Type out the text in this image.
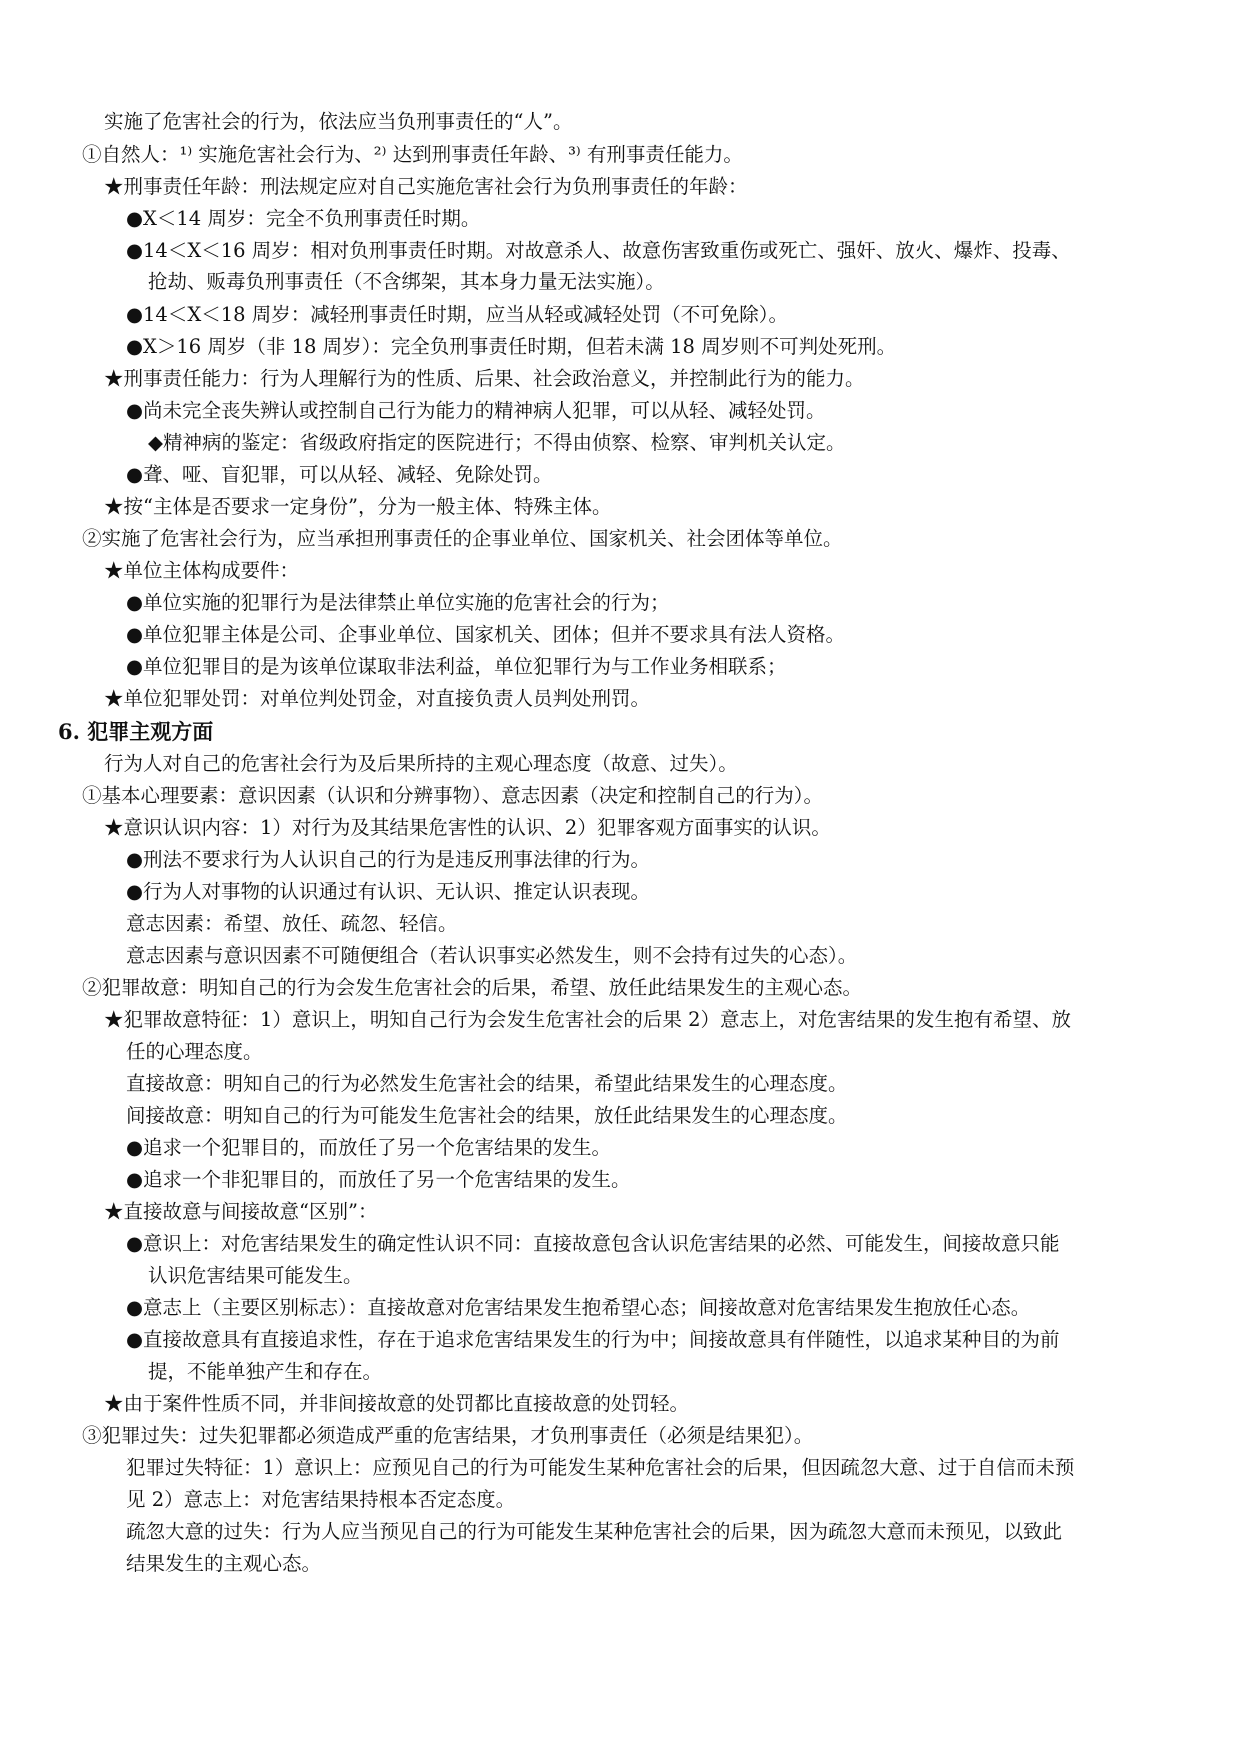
实施了危害社会的行为，依法应当负刑事责任的“人”。
①自然人：¹⁾ 实施危害社会行为、²⁾ 达到刑事责任年龄、³⁾ 有刑事责任能力。
★刑事责任年龄：刑法规定应对自己实施危害社会行为负刑事责任的年龄：
●X＜14 周岁：完全不负刑事责任时期。
●14＜X＜16 周岁：相对负刑事责任时期。对故意杀人、故意伤害致重伤或死亡、强奸、放火、爆炸、投毒、
抢劫、贩毒负刑事责任（不含绑架，其本身力量无法实施）。
●14＜X＜18 周岁：减轻刑事责任时期，应当从轻或减轻处罚（不可免除）。
●X＞16 周岁（非 18 周岁）：完全负刑事责任时期，但若未满 18 周岁则不可判处死刑。
★刑事责任能力：行为人理解行为的性质、后果、社会政治意义，并控制此行为的能力。
●尚未完全丧失辨认或控制自己行为能力的精神病人犯罪，可以从轻、减轻处罚。
◆精神病的鉴定：省级政府指定的医院进行；不得由侦察、检察、审判机关认定。
●聋、哑、盲犯罪，可以从轻、减轻、免除处罚。
★按“主体是否要求一定身份”，分为一般主体、特殊主体。
②实施了危害社会行为，应当承担刑事责任的企事业单位、国家机关、社会团体等单位。
★单位主体构成要件：
●单位实施的犯罪行为是法律禁止单位实施的危害社会的行为；
●单位犯罪主体是公司、企事业单位、国家机关、团体；但并不要求具有法人资格。
●单位犯罪目的是为该单位谋取非法利益，单位犯罪行为与工作业务相联系；
★单位犯罪处罚：对单位判处罚金，对直接负责人员判处刑罚。
6. 犯罪主观方面
行为人对自己的危害社会行为及后果所持的主观心理态度（故意、过失）。
①基本心理要素：意识因素（认识和分辨事物）、意志因素（决定和控制自己的行为）。
★意识认识内容：1）对行为及其结果危害性的认识、2）犯罪客观方面事实的认识。
●刑法不要求行为人认识自己的行为是违反刑事法律的行为。
●行为人对事物的认识通过有认识、无认识、推定认识表现。
意志因素：希望、放任、疏忽、轻信。
意志因素与意识因素不可随便组合（若认识事实必然发生，则不会持有过失的心态）。
②犯罪故意：明知自己的行为会发生危害社会的后果，希望、放任此结果发生的主观心态。
★犯罪故意特征：1）意识上，明知自己行为会发生危害社会的后果 2）意志上，对危害结果的发生抱有希望、放
任的心理态度。
直接故意：明知自己的行为必然发生危害社会的结果，希望此结果发生的心理态度。
间接故意：明知自己的行为可能发生危害社会的结果，放任此结果发生的心理态度。
●追求一个犯罪目的，而放任了另一个危害结果的发生。
●追求一个非犯罪目的，而放任了另一个危害结果的发生。
★直接故意与间接故意“区别”：
●意识上：对危害结果发生的确定性认识不同：直接故意包含认识危害结果的必然、可能发生，间接故意只能
认识危害结果可能发生。
●意志上（主要区别标志）：直接故意对危害结果发生抱希望心态；间接故意对危害结果发生抱放任心态。
●直接故意具有直接追求性，存在于追求危害结果发生的行为中；间接故意具有伴随性，以追求某种目的为前
提，不能单独产生和存在。
★由于案件性质不同，并非间接故意的处罚都比直接故意的处罚轻。
③犯罪过失：过失犯罪都必须造成严重的危害结果，才负刑事责任（必须是结果犯）。
犯罪过失特征：1）意识上：应预见自己的行为可能发生某种危害社会的后果，但因疏忽大意、过于自信而未预
见 2）意志上：对危害结果持根本否定态度。
疏忽大意的过失：行为人应当预见自己的行为可能发生某种危害社会的后果，因为疏忽大意而未预见，以致此
结果发生的主观心态。
